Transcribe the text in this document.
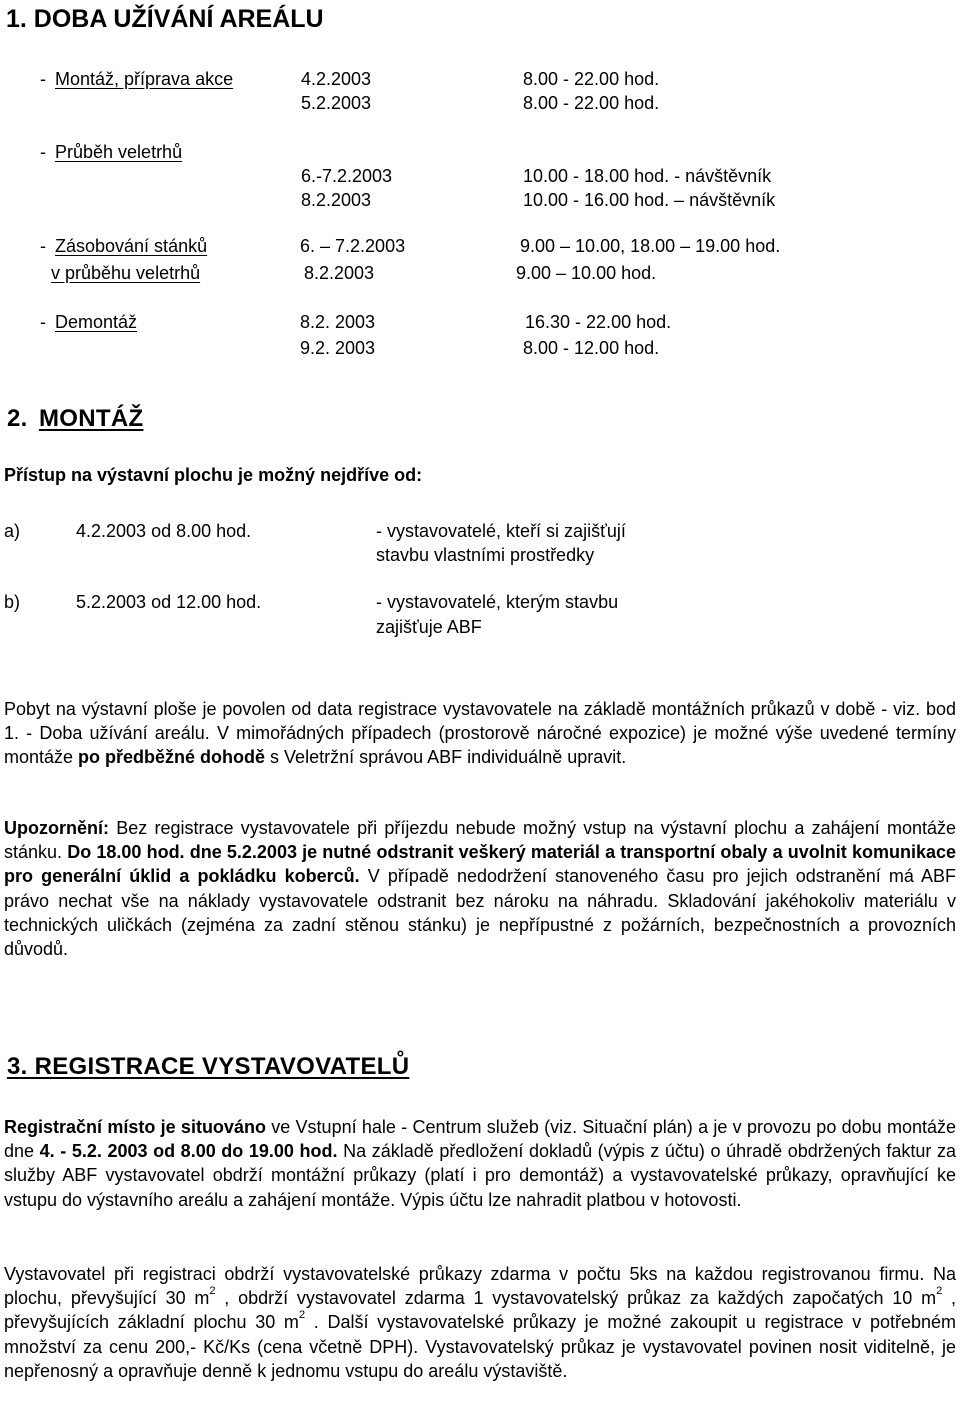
1. DOBA UŽÍVÁNÍ AREÁLU
- Montáž, příprava akce	4.2.2003	8.00 - 22.00 hod.
5.2.2003	8.00 - 22.00 hod.
- Průběh veletrhů
6.-7.2.2003	10.00 - 18.00 hod. - návštěvník
8.2.2003	10.00 - 16.00 hod. – návštěvník
- Zásobování stánků
v průběhu veletrhů
6. – 7.2.2003	9.00 – 10.00, 18.00 – 19.00 hod.
8.2.2003	9.00 – 10.00 hod.
- Demontáž	8.2. 2003	16.30 - 22.00 hod.
9.2. 2003	8.00 - 12.00 hod.
2. MONTÁŽ
Přístup na výstavní plochu je možný nejdříve od:
a)	4.2.2003 od 8.00 hod.	- vystavovatelé, kteří si zajišťují
stavbu vlastními prostředky
b)	5.2.2003 od 12.00 hod.	- vystavovatelé, kterým stavbu
zajišťuje ABF
Pobyt na výstavní ploše je povolen od data registrace vystavovatele na základě montážních průkazů v době - viz. bod 1. - Doba užívání areálu. V mimořádných případech (prostorově náročné expozice) je možné výše uvedené termíny montáže po předběžné dohodě s Veletržní správou ABF individuálně upravit.
Upozornění: Bez registrace vystavovatele při příjezdu nebude možný vstup na výstavní plochu a zahájení montáže stánku. Do 18.00 hod. dne 5.2.2003 je nutné odstranit veškerý materiál a transportní obaly a uvolnit komunikace pro generální úklid a pokládku koberců. V případě nedodržení stanoveného času pro jejich odstranění má ABF právo nechat vše na náklady vystavovatele odstranit bez nároku na náhradu. Skladování jakéhokoliv materiálu v technických uličkách (zejména za zadní stěnou stánku) je nepřípustné z požárních, bezpečnostních a provozních důvodů.
3. REGISTRACE VYSTAVOVATELŮ
Registrační místo je situováno ve Vstupní hale - Centrum služeb (viz. Situační plán) a je v provozu po dobu montáže dne 4. - 5.2. 2003 od 8.00 do 19.00 hod. Na základě předložení dokladů (výpis z účtu) o úhradě obdržených faktur za služby ABF vystavovatel obdrží montážní průkazy (platí i pro demontáž) a vystavovatelské průkazy, opravňující ke vstupu do výstavního areálu a zahájení montáže. Výpis účtu lze nahradit platbou v hotovosti.
Vystavovatel při registraci obdrží vystavovatelské průkazy zdarma v počtu 5ks na každou registrovanou firmu. Na plochu, převyšující 30 $m^2$ , obdrží vystavovatel zdarma 1 vystavovatelský průkaz za každých započatých 10 $m^2$ , převyšujících základní plochu 30 $m^2$ . Další vystavovatelské průkazy je možné zakoupit u registrace v potřebném množství za cenu 200,- Kč/Ks (cena včetně DPH). Vystavovatelský průkaz je vystavovatel povinen nosit viditelně, je nepřenosný a opravňuje denně k jednomu vstupu do areálu výstaviště.
